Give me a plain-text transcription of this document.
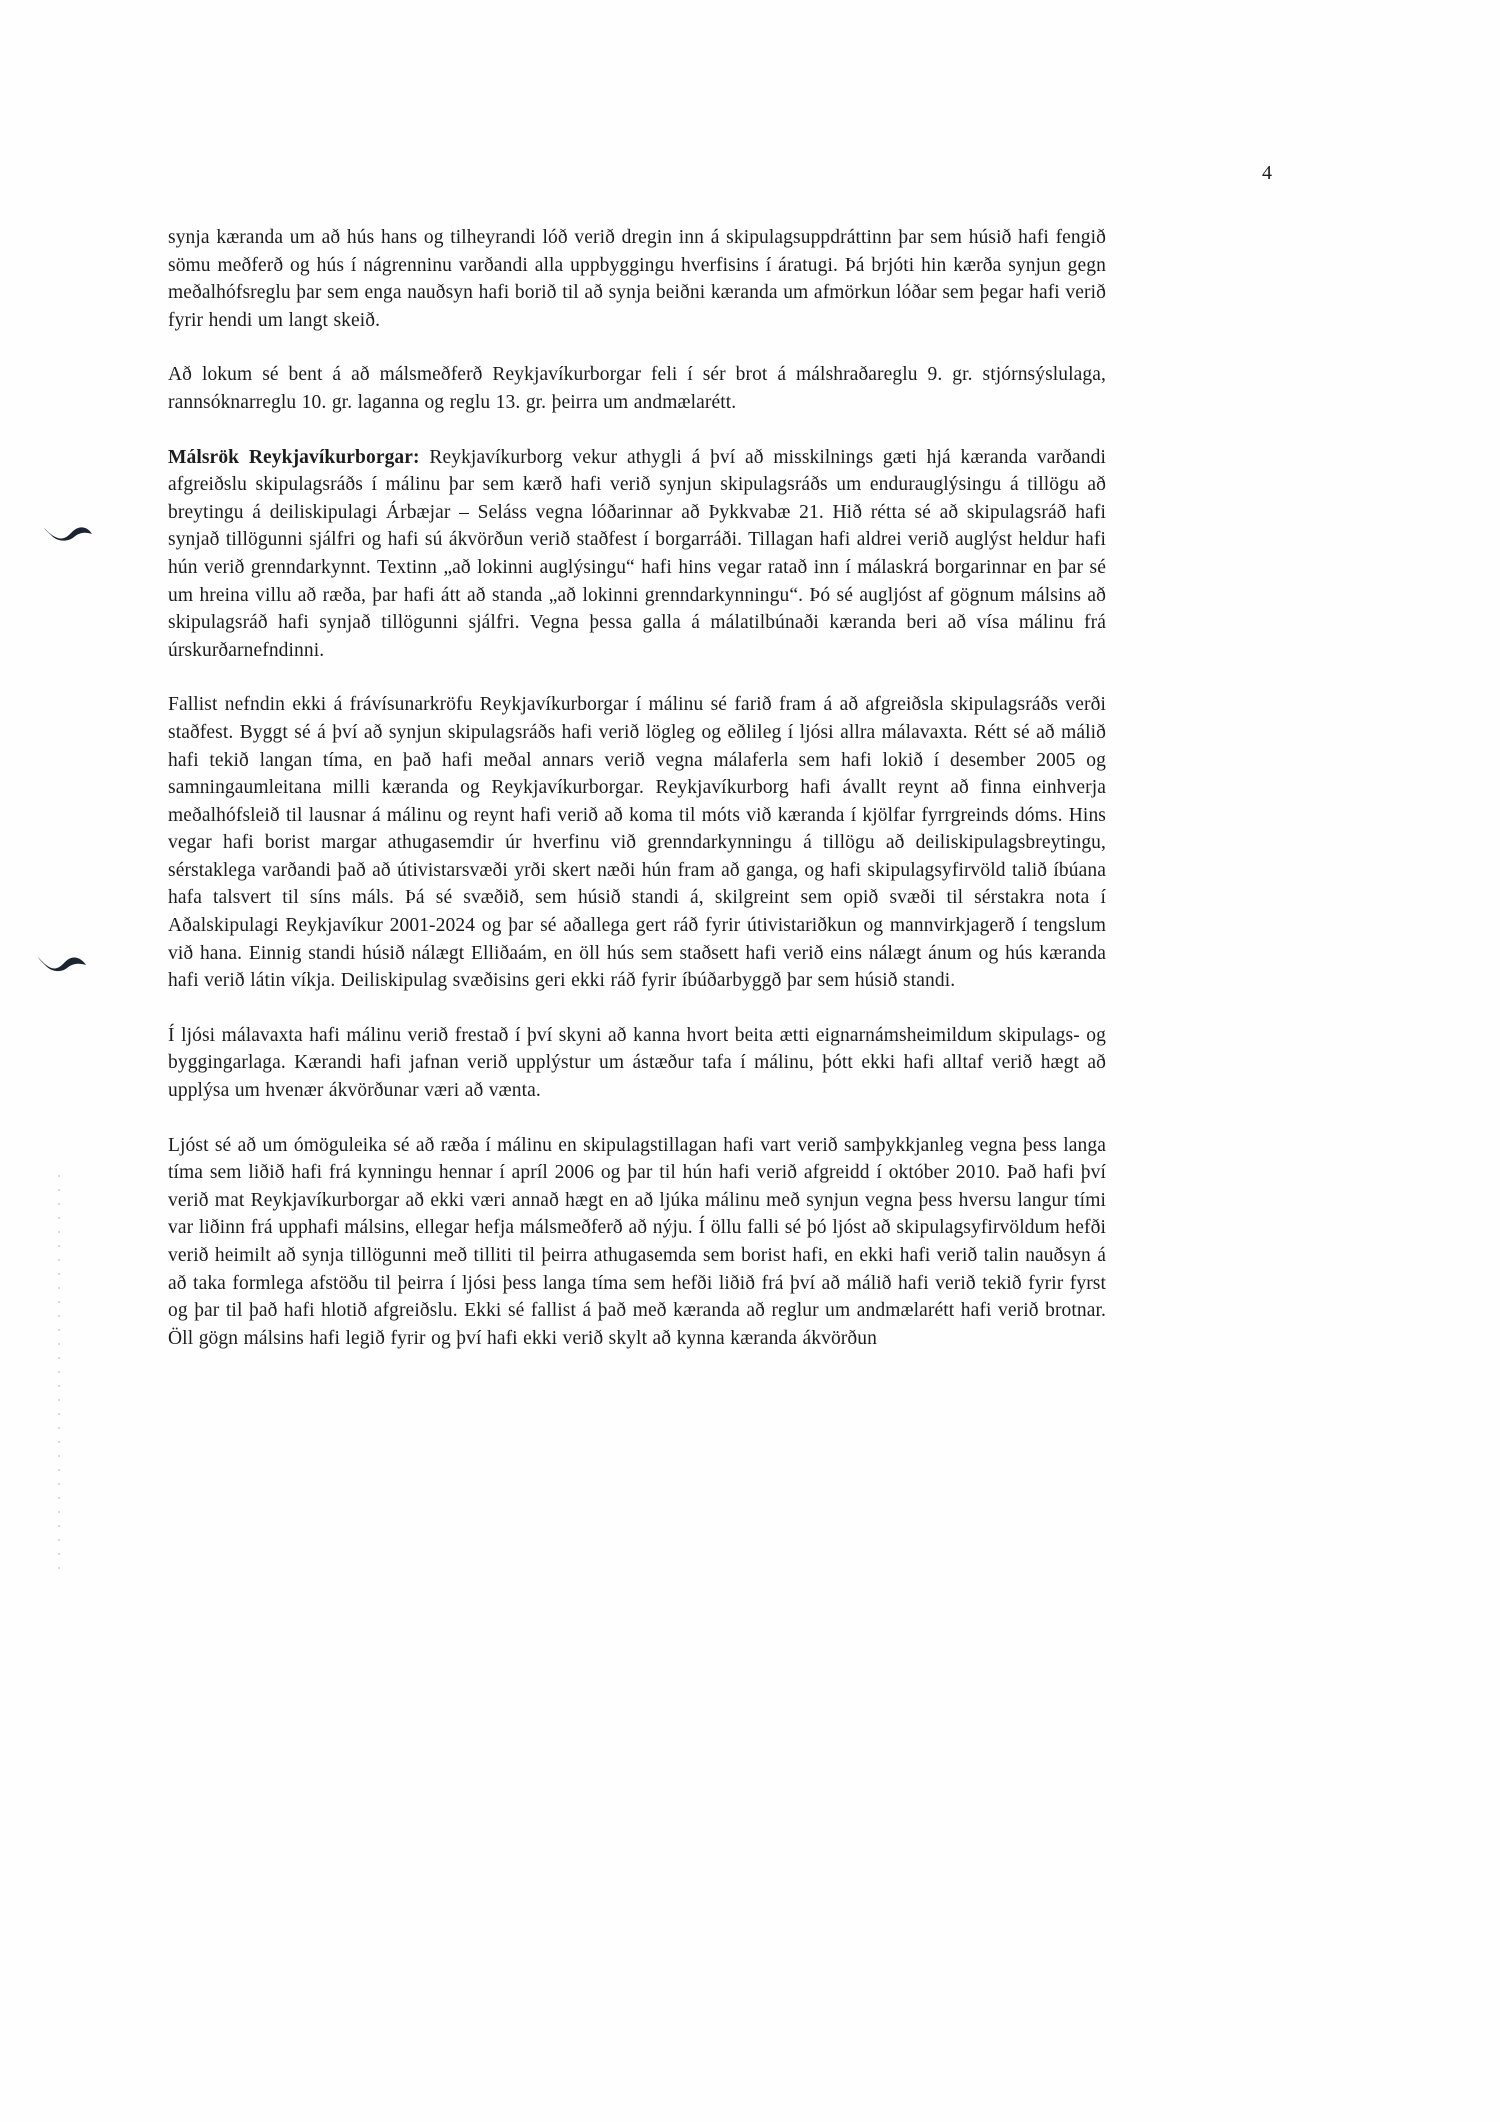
4

synja kæranda um að hús hans og tilheyrandi lóð verið dregin inn á skipulagsuppdráttinn þar sem húsið hafi fengið sömu meðferð og hús í nágrenninu varðandi alla uppbyggingu hverfisins í áratugi. Þá brjóti hin kærða synjun gegn meðalhófsreglu þar sem enga nauðsyn hafi borið til að synja beiðni kæranda um afmörkun lóðar sem þegar hafi verið fyrir hendi um langt skeið.

Að lokum sé bent á að málsmeðferð Reykjavíkurborgar feli í sér brot á málshraðareglu 9. gr. stjórnsýslulaga, rannsóknarreglu 10. gr. laganna og reglu 13. gr. þeirra um andmælarétt.

Málsrök Reykjavíkurborgar: Reykjavíkurborg vekur athygli á því að misskilnings gæti hjá kæranda varðandi afgreiðslu skipulagsráðs í málinu þar sem kærð hafi verið synjun skipulagsráðs um endurauglýsingu á tillögu að breytingu á deiliskipulagi Árbæjar – Seláss vegna lóðarinnar að Þykkvabæ 21. Hið rétta sé að skipulagsráð hafi synjað tillögunni sjálfri og hafi sú ákvörðun verið staðfest í borgarráði. Tillagan hafi aldrei verið auglýst heldur hafi hún verið grenndarkynnt. Textinn „að lokinni auglýsingu“ hafi hins vegar ratað inn í málaskrá borgarinnar en þar sé um hreina villu að ræða, þar hafi átt að standa „að lokinni grenndarkynningu“. Þó sé augljóst af gögnum málsins að skipulagsráð hafi synjað tillögunni sjálfri. Vegna þessa galla á málatilbúnaði kæranda beri að vísa málinu frá úrskurðarnefndinni.

Fallist nefndin ekki á frávísunarkröfu Reykjavíkurborgar í málinu sé farið fram á að afgreiðsla skipulagsráðs verði staðfest. Byggt sé á því að synjun skipulagsráðs hafi verið lögleg og eðlileg í ljósi allra málavaxta. Rétt sé að málið hafi tekið langan tíma, en það hafi meðal annars verið vegna málaferla sem hafi lokið í desember 2005 og samningaumleitana milli kæranda og Reykjavíkurborgar. Reykjavíkurborg hafi ávallt reynt að finna einhverja meðalhófsleið til lausnar á málinu og reynt hafi verið að koma til móts við kæranda í kjölfar fyrrgreinds dóms. Hins vegar hafi borist margar athugasemdir úr hverfinu við grenndarkynningu á tillögu að deiliskipulagsbreytingu, sérstaklega varðandi það að útivistarsvæði yrði skert næði hún fram að ganga, og hafi skipulagsyfirvöld talið íbúana hafa talsvert til síns máls. Þá sé svæðið, sem húsið standi á, skilgreint sem opið svæði til sérstakra nota í Aðalskipulagi Reykjavíkur 2001-2024 og þar sé aðallega gert ráð fyrir útivistariðkun og mannvirkjagerð í tengslum við hana. Einnig standi húsið nálægt Elliðaám, en öll hús sem staðsett hafi verið eins nálægt ánum og hús kæranda hafi verið látin víkja. Deiliskipulag svæðisins geri ekki ráð fyrir íbúðarbyggð þar sem húsið standi.

Í ljósi málavaxta hafi málinu verið frestað í því skyni að kanna hvort beita ætti eignarnámsheimildum skipulags- og byggingarlaga. Kærandi hafi jafnan verið upplýstur um ástæður tafa í málinu, þótt ekki hafi alltaf verið hægt að upplýsa um hvenær ákvörðunar væri að vænta.

Ljóst sé að um ómöguleika sé að ræða í málinu en skipulagstillagan hafi vart verið samþykkjanleg vegna þess langa tíma sem liðið hafi frá kynningu hennar í apríl 2006 og þar til hún hafi verið afgreidd í október 2010. Það hafi því verið mat Reykjavíkurborgar að ekki væri annað hægt en að ljúka málinu með synjun vegna þess hversu langur tími var liðinn frá upphafi málsins, ellegar hefja málsmeðferð að nýju. Í öllu falli sé þó ljóst að skipulagsyfirvöldum hefði verið heimilt að synja tillögunni með tilliti til þeirra athugasemda sem borist hafi, en ekki hafi verið talin nauðsyn á að taka formlega afstöðu til þeirra í ljósi þess langa tíma sem hefði liðið frá því að málið hafi verið tekið fyrir fyrst og þar til það hafi hlotið afgreiðslu. Ekki sé fallist á það með kæranda að reglur um andmælarétt hafi verið brotnar. Öll gögn málsins hafi legið fyrir og því hafi ekki verið skylt að kynna kæranda ákvörðun
